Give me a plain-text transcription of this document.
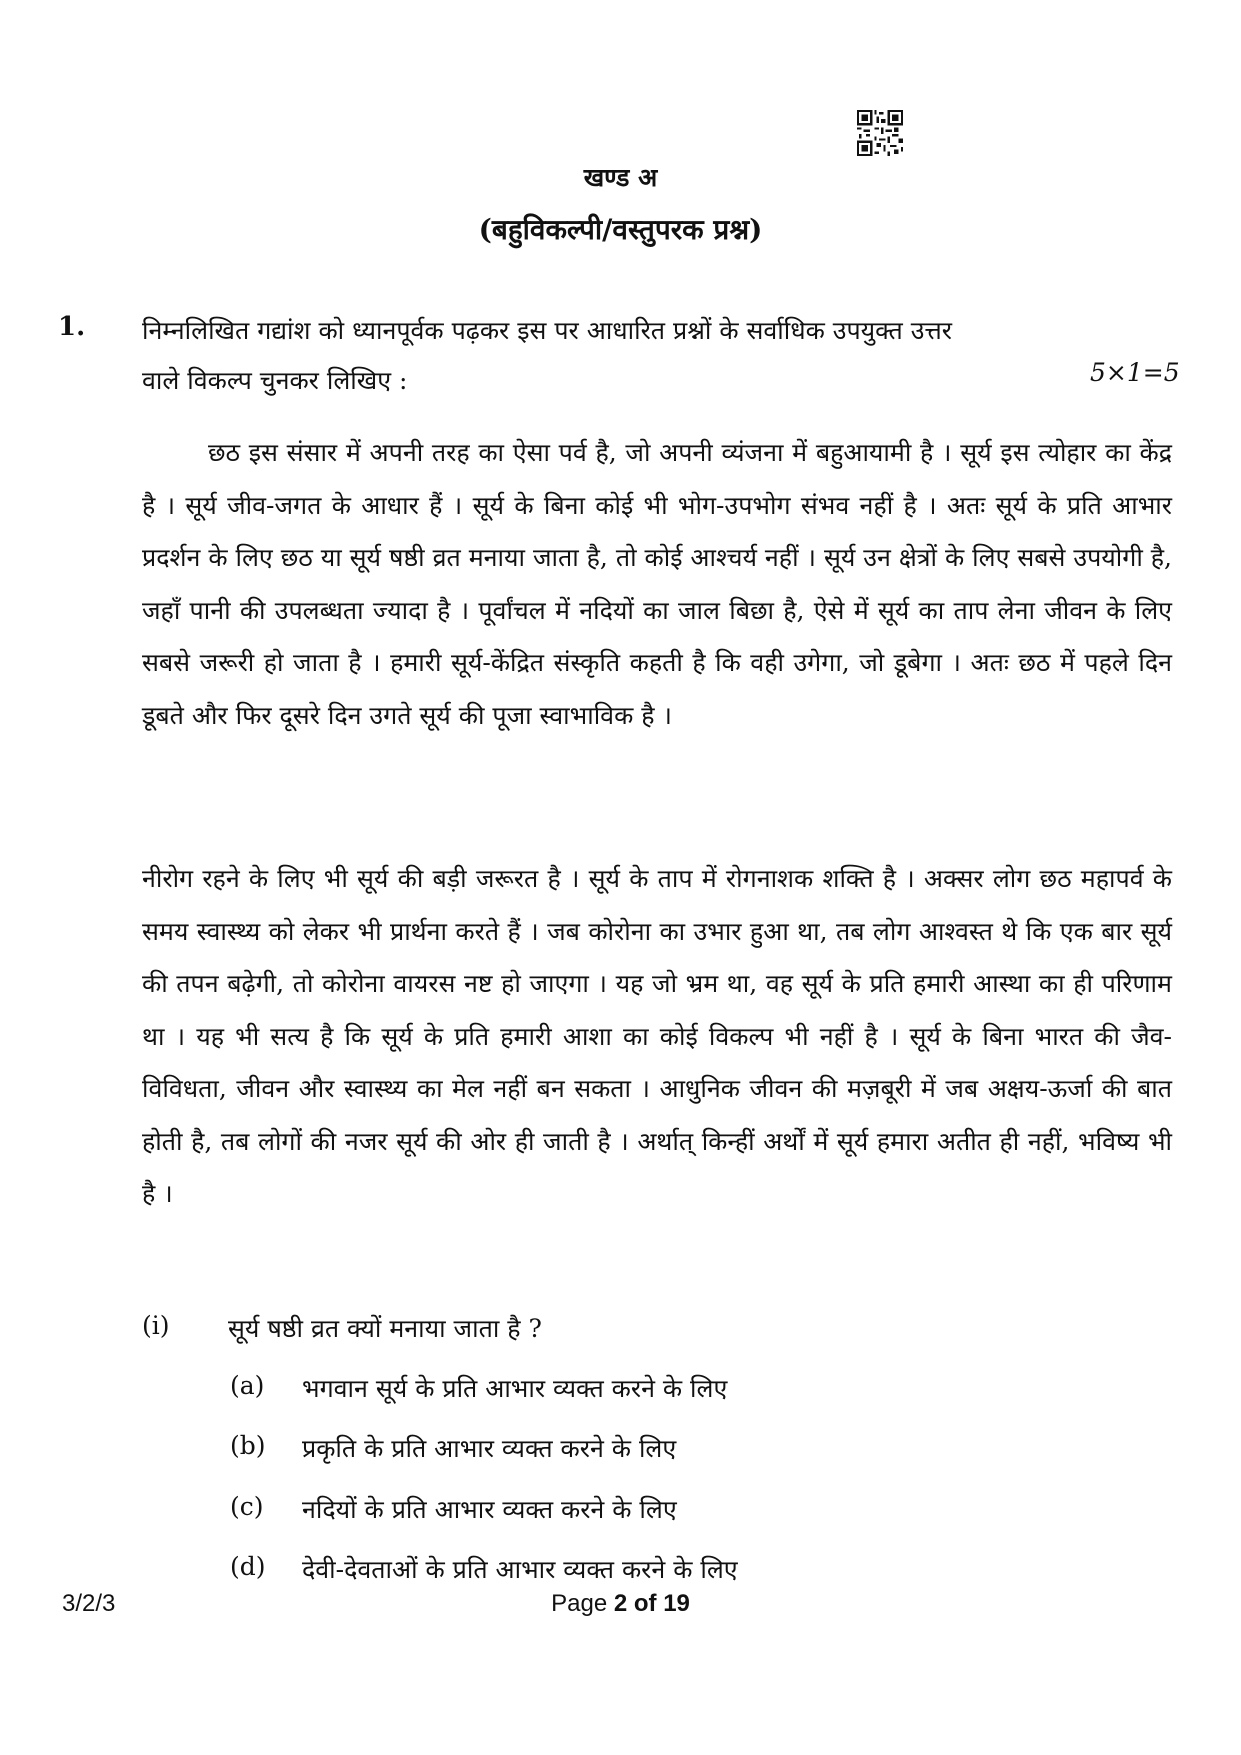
खण्ड अ
(बहुविकल्पी/वस्तुपरक प्रश्न)
1. निम्नलिखित गद्यांश को ध्यानपूर्वक पढ़कर इस पर आधारित प्रश्नों के सर्वाधिक उपयुक्त उत्तर
वाले विकल्प चुनकर लिखिए :	5×1=5
छठ इस संसार में अपनी तरह का ऐसा पर्व है, जो अपनी व्यंजना में बहुआयामी है । सूर्य इस त्योहार का केंद्र है । सूर्य जीव-जगत के आधार हैं । सूर्य के बिना कोई भी भोग-उपभोग संभव नहीं है । अतः सूर्य के प्रति आभार प्रदर्शन के लिए छठ या सूर्य षष्ठी व्रत मनाया जाता है, तो कोई आश्चर्य नहीं । सूर्य उन क्षेत्रों के लिए सबसे उपयोगी है, जहाँ पानी की उपलब्धता ज्यादा है । पूर्वांचल में नदियों का जाल बिछा है, ऐसे में सूर्य का ताप लेना जीवन के लिए सबसे जरूरी हो जाता है । हमारी सूर्य-केंद्रित संस्कृति कहती है कि वही उगेगा, जो डूबेगा । अतः छठ में पहले दिन डूबते और फिर दूसरे दिन उगते सूर्य की पूजा स्वाभाविक है ।
नीरोग रहने के लिए भी सूर्य की बड़ी जरूरत है । सूर्य के ताप में रोगनाशक शक्ति है । अक्सर लोग छठ महापर्व के समय स्वास्थ्य को लेकर भी प्रार्थना करते हैं । जब कोरोना का उभार हुआ था, तब लोग आश्वस्त थे कि एक बार सूर्य की तपन बढ़ेगी, तो कोरोना वायरस नष्ट हो जाएगा । यह जो भ्रम था, वह सूर्य के प्रति हमारी आस्था का ही परिणाम था । यह भी सत्य है कि सूर्य के प्रति हमारी आशा का कोई विकल्प भी नहीं है । सूर्य के बिना भारत की जैव-विविधता, जीवन और स्वास्थ्य का मेल नहीं बन सकता । आधुनिक जीवन की मज़बूरी में जब अक्षय-ऊर्जा की बात होती है, तब लोगों की नजर सूर्य की ओर ही जाती है । अर्थात् किन्हीं अर्थों में सूर्य हमारा अतीत ही नहीं, भविष्य भी है ।
(i) सूर्य षष्ठी व्रत क्यों मनाया जाता है ?
(a) भगवान सूर्य के प्रति आभार व्यक्त करने के लिए
(b) प्रकृति के प्रति आभार व्यक्त करने के लिए
(c) नदियों के प्रति आभार व्यक्त करने के लिए
(d) देवी-देवताओं के प्रति आभार व्यक्त करने के लिए
3/2/3	Page 2 of 19
